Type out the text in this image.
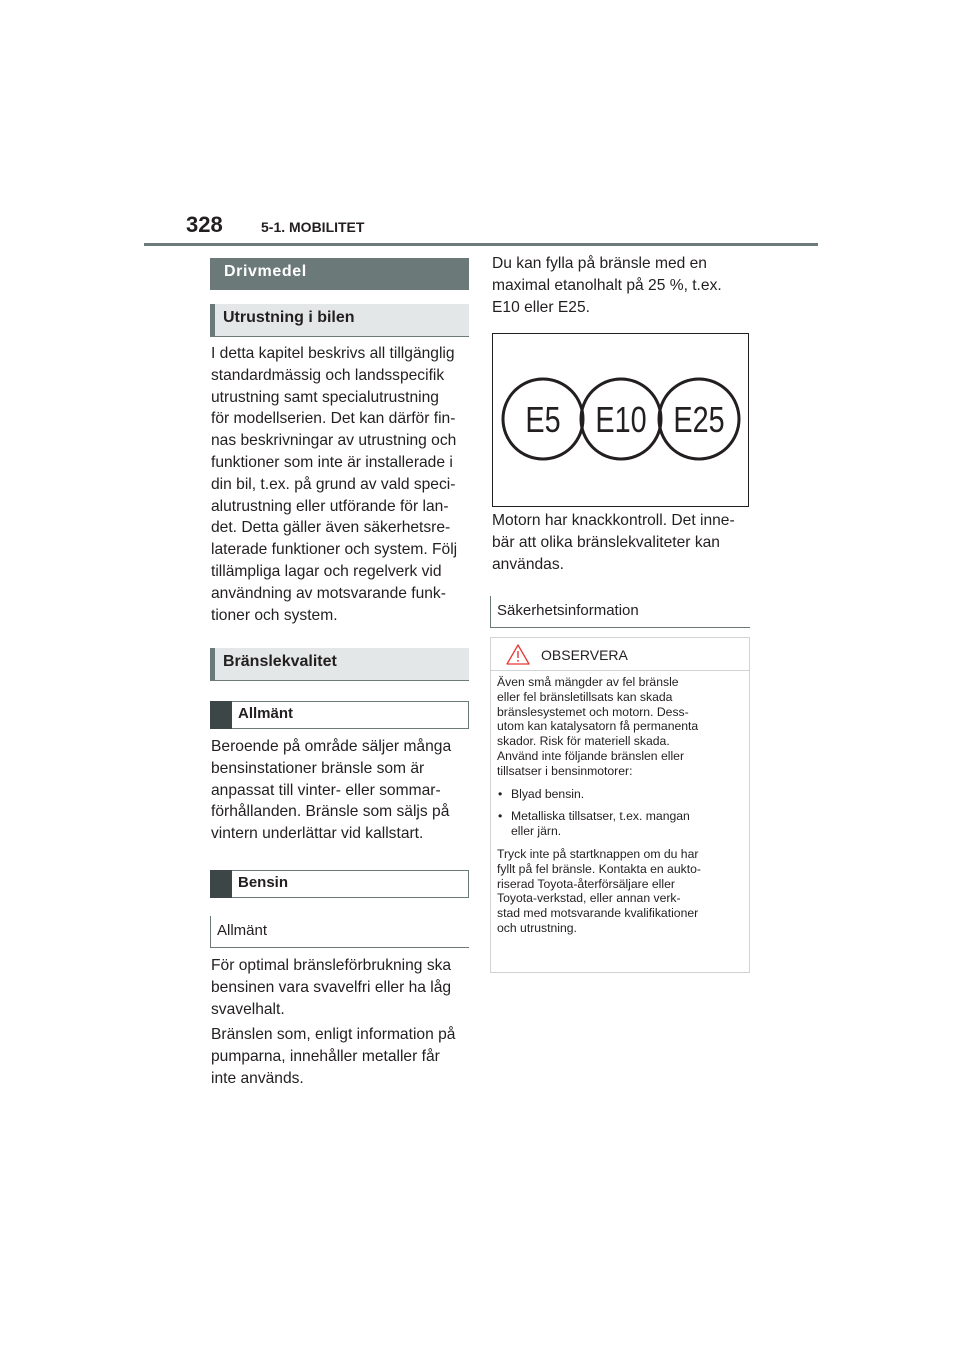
328	5-1. MOBILITET
Drivmedel
Utrustning i bilen
I detta kapitel beskrivs all tillgänglig
standardmässig och landsspecifik
utrustning samt specialutrustning
för modellserien. Det kan därför fin-
nas beskrivningar av utrustning och
funktioner som inte är installerade i
din bil, t.ex. på grund av vald speci-
alutrustning eller utförande för lan-
det. Detta gäller även säkerhetsre-
laterade funktioner och system. Följ
tillämpliga lagar och regelverk vid
användning av motsvarande funk-
tioner och system.
Bränslekvalitet
Allmänt
Beroende på område säljer många
bensinstationer bränsle som är
anpassat till vinter- eller sommar-
förhållanden. Bränsle som säljs på
vintern underlättar vid kallstart.
Bensin
Allmänt
För optimal bränsleförbrukning ska
bensinen vara svavelfri eller ha låg
svavelhalt.
Bränslen som, enligt information på
pumparna, innehåller metaller får
inte används.
Du kan fylla på bränsle med en
maximal etanolhalt på 25 %, t.ex.
E10 eller E25.
E5 E10 E25
Motorn har knackkontroll. Det inne-
bär att olika bränslekvaliteter kan
användas.
Säkerhetsinformation
OBSERVERA

Även små mängder av fel bränsle
eller fel bränsletillsats kan skada
bränslesystemet och motorn. Dess-
utom kan katalysatorn få permanenta
skador. Risk för materiell skada.
Använd inte följande bränslen eller
tillsatser i bensinmotorer:

• Blyad bensin.
• Metalliska tillsatser, t.ex. mangan
eller järn.

Tryck inte på startknappen om du har
fyllt på fel bränsle. Kontakta en aukto-
riserad Toyota-återförsäljare eller
Toyota-verkstad, eller annan verk-
stad med motsvarande kvalifikationer
och utrustning.
